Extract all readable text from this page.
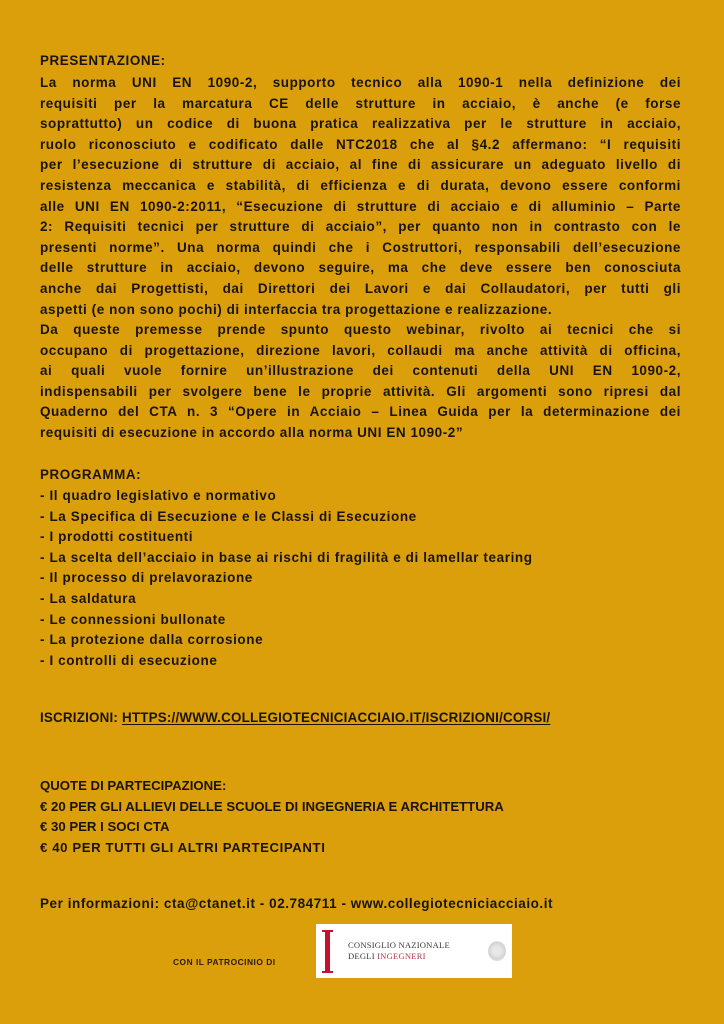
PRESENTAZIONE:
La norma UNI EN 1090-2, supporto tecnico alla 1090-1 nella definizione dei
requisiti per la marcatura CE delle strutture in acciaio, è anche (e forse
soprattutto) un codice di buona pratica realizzativa per le strutture in acciaio,
ruolo riconosciuto e codificato dalle NTC2018 che al §4.2 affermano: “I requisiti
per l’esecuzione di strutture di acciaio, al fine di assicurare un adeguato livello di
resistenza meccanica e stabilità, di efficienza e di durata, devono essere conformi
alle UNI EN 1090-2:2011, “Esecuzione di strutture di acciaio e di alluminio – Parte
2: Requisiti tecnici per strutture di acciaio”, per quanto non in contrasto con le
presenti norme”. Una norma quindi che i Costruttori, responsabili dell’esecuzione
delle strutture in acciaio, devono seguire, ma che deve essere ben conosciuta
anche dai Progettisti, dai Direttori dei Lavori e dai Collaudatori, per tutti gli
aspetti (e non sono pochi) di interfaccia tra progettazione e realizzazione.
Da queste premesse prende spunto questo webinar, rivolto ai tecnici che si
occupano di progettazione, direzione lavori, collaudi ma anche attività di officina,
ai quali vuole fornire un’illustrazione dei contenuti della UNI EN 1090-2,
indispensabili per svolgere bene le proprie attività. Gli argomenti sono ripresi dal
Quaderno del CTA n. 3 “Opere in Acciaio – Linea Guida per la determinazione dei
requisiti di esecuzione in accordo alla norma UNI EN 1090-2”
PROGRAMMA:
- Il quadro legislativo e normativo
- La Specifica di Esecuzione e le Classi di Esecuzione
- I prodotti costituenti
- La scelta dell’acciaio in base ai rischi di fragilità e di lamellar tearing
- Il processo di prelavorazione
- La saldatura
- Le connessioni bullonate
- La protezione dalla corrosione
- I controlli di esecuzione
ISCRIZIONI: HTTPS://WWW.COLLEGIOTECNICIACCIAIO.IT/ISCRIZIONI/CORSI/
QUOTE DI PARTECIPAZIONE:
€ 20 PER GLI ALLIEVI DELLE SCUOLE DI INGEGNERIA E ARCHITETTURA
€ 30 PER I SOCI CTA
€ 40 PER TUTTI GLI ALTRI PARTECIPANTI
Per informazioni: cta@ctanet.it - 02.784711 - www.collegiotecniciacciaio.it
CON IL PATROCINIO DI
CONSIGLIO NAZIONALE
DEGLI INGEGNERI
